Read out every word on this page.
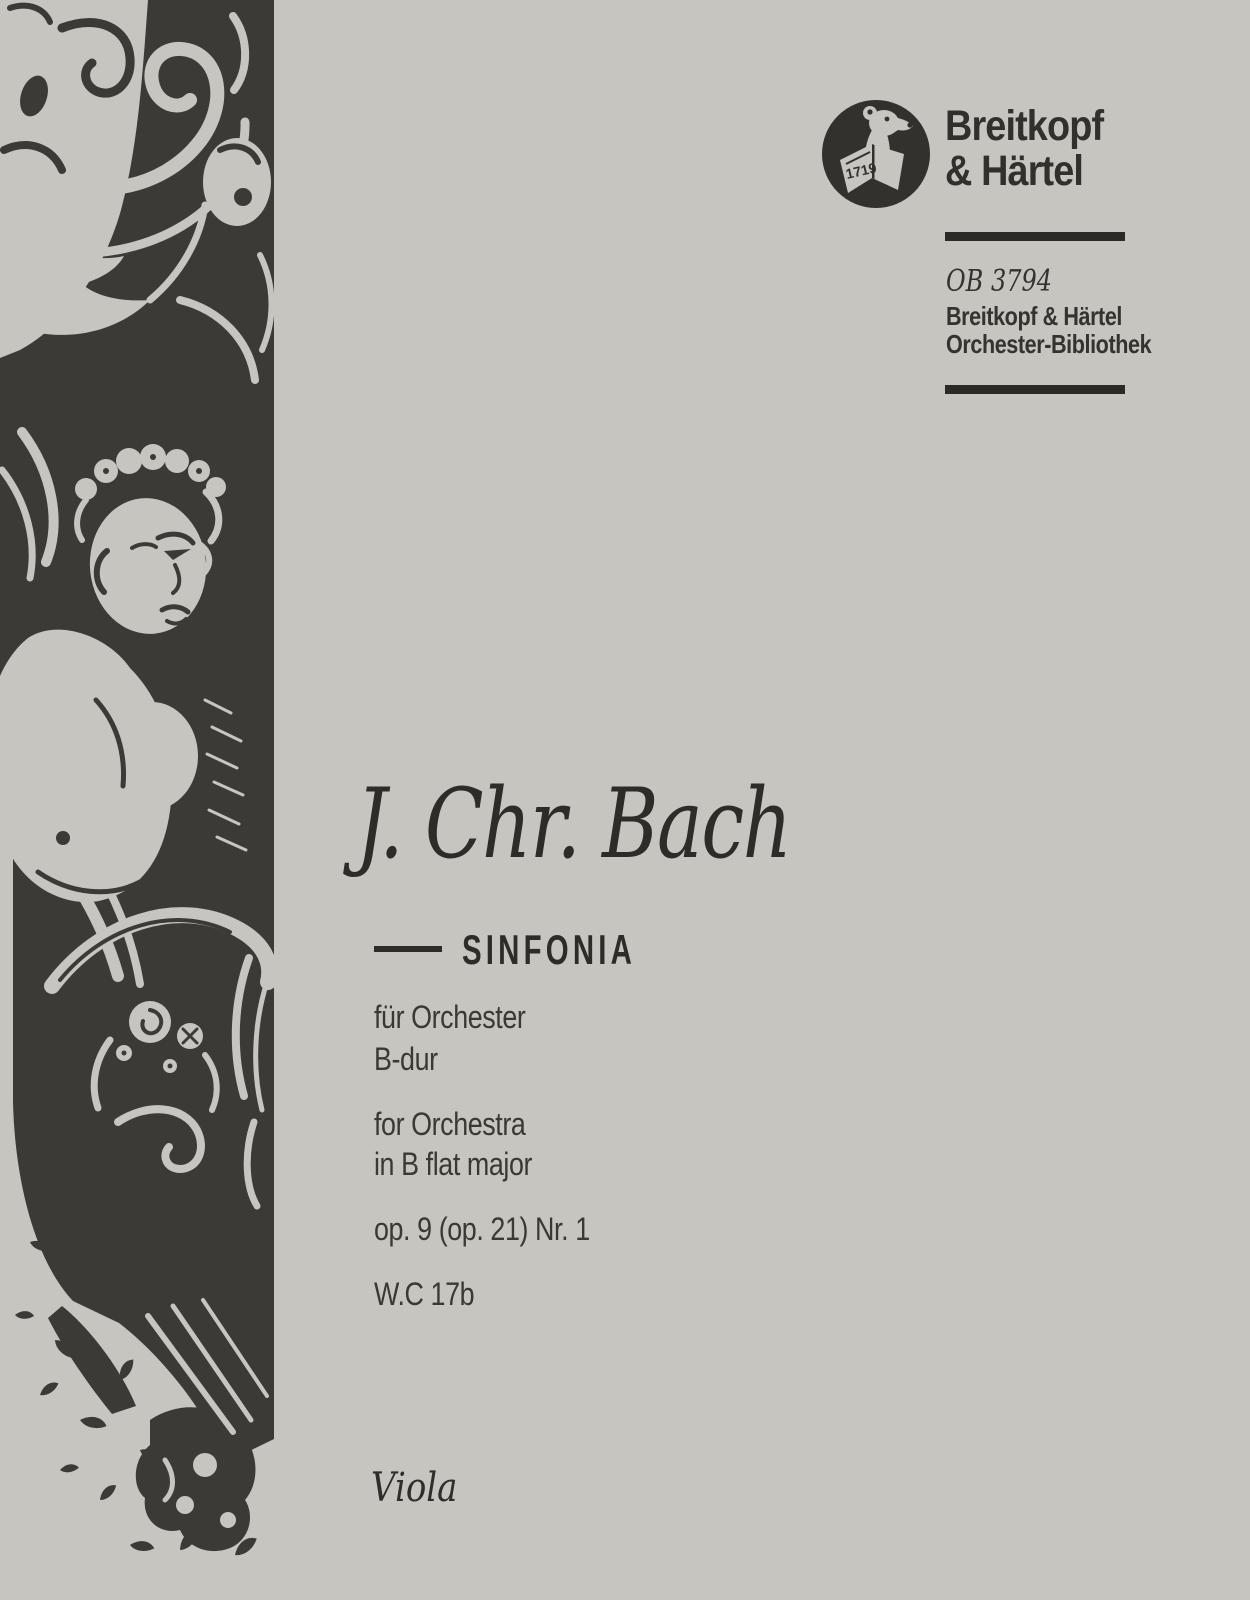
1719
Breitkopf
& Härtel
OB 3794
Breitkopf & Härtel
Orchester-Bibliothek
J. Chr. Bach
SINFONIA
für Orchester
B-dur
for Orchestra
in B flat major
op. 9 (op. 21) Nr. 1
W.C 17b
Viola
